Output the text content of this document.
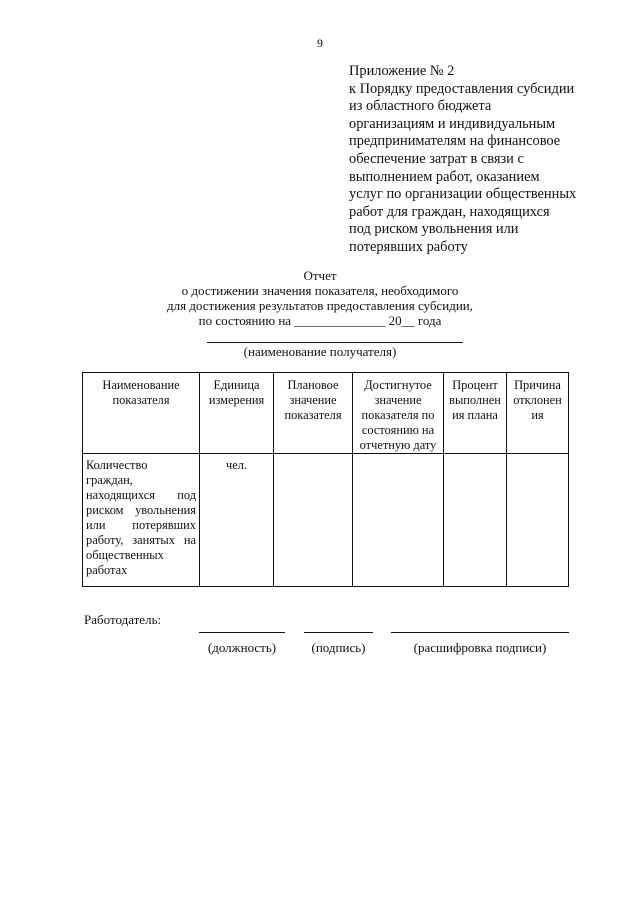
9
Приложение № 2
к Порядку предоставления субсидии
из областного бюджета
организациям и индивидуальным
предпринимателям на финансовое
обеспечение затрат в связи с
выполнением работ, оказанием
услуг по организации общественных
работ для граждан, находящихся
под риском увольнения или
потерявших работу
Отчет
о достижении значения показателя, необходимого
для достижения результатов предоставления субсидии,
по состоянию на ______________ 20__ года
(наименование получателя)
Наименование показателя	Единица измерения	Плановое значение показателя	Достигнутое значение показателя по состоянию на отчетную дату	Процент выполнен ия плана	Причина отклонен ия
Количество граждан, находящихся под риском увольнения или потерявших работу, занятых на общественных работах	чел.				
Работодатель:
(должность)	(подпись)	(расшифровка подписи)
